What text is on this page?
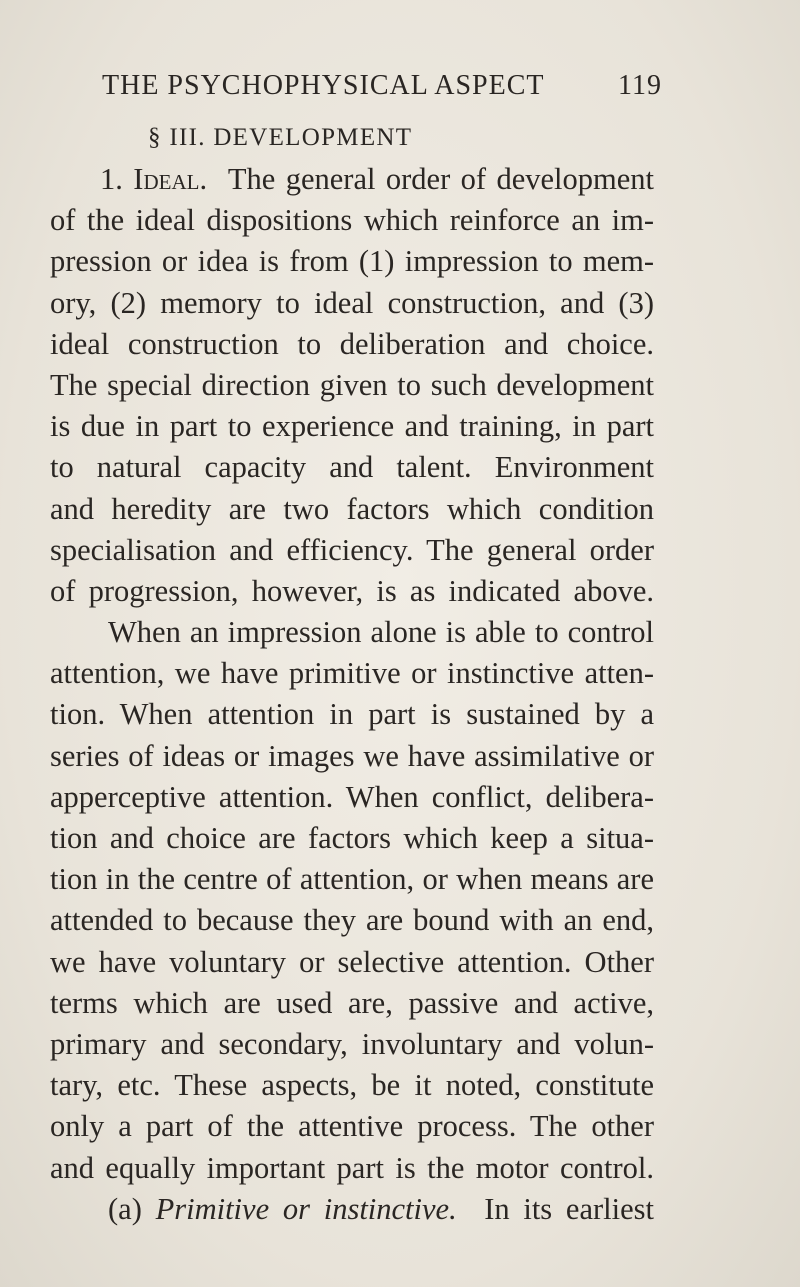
THE PSYCHOPHYSICAL ASPECT	119
§ III. DEVELOPMENT
1. Ideal. The general order of development
of the ideal dispositions which reinforce an im-
pression or idea is from (1) impression to mem-
ory, (2) memory to ideal construction, and (3)
ideal construction to deliberation and choice.
The special direction given to such development
is due in part to experience and training, in part
to natural capacity and talent. Environment
and heredity are two factors which condition
specialisation and efficiency. The general order
of progression, however, is as indicated above.
When an impression alone is able to control
attention, we have primitive or instinctive atten-
tion. When attention in part is sustained by a
series of ideas or images we have assimilative or
apperceptive attention. When conflict, delibera-
tion and choice are factors which keep a situa-
tion in the centre of attention, or when means are
attended to because they are bound with an end,
we have voluntary or selective attention. Other
terms which are used are, passive and active,
primary and secondary, involuntary and volun-
tary, etc. These aspects, be it noted, constitute
only a part of the attentive process. The other
and equally important part is the motor control.
(a) Primitive or instinctive. In its earliest
